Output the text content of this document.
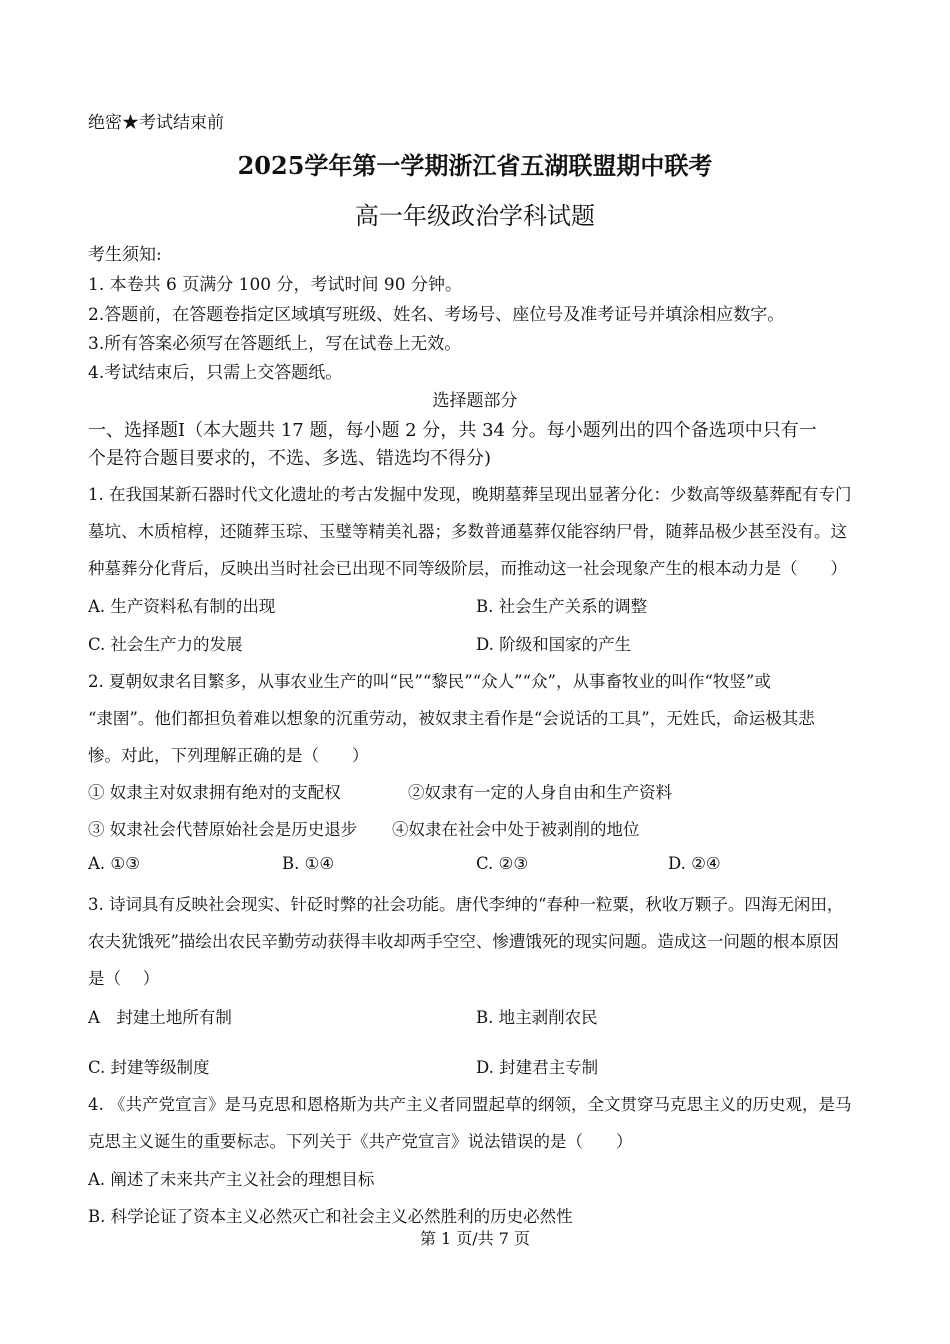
绝密★考试结束前
2025学年第一学期浙江省五湖联盟期中联考
高一年级政治学科试题
考生须知:
1. 本卷共 6 页满分 100 分，考试时间 90 分钟。
2.答题前，在答题卷指定区域填写班级、姓名、考场号、座位号及准考证号并填涂相应数字。
3.所有答案必须写在答题纸上，写在试卷上无效。
4.考试结束后，只需上交答题纸。
选择题部分
一、选择题Ⅰ（本大题共 17 题，每小题 2 分，共 34 分。每小题列出的四个备选项中只有一
个是符合题目要求的，不选、多选、错选均不得分)
1. 在我国某新石器时代文化遗址的考古发掘中发现，晚期墓葬呈现出显著分化：少数高等级墓葬配有专门
墓坑、木质棺椁，还随葬玉琮、玉璧等精美礼器；多数普通墓葬仅能容纳尸骨，随葬品极少甚至没有。这
种墓葬分化背后，反映出当时社会已出现不同等级阶层，而推动这一社会现象产生的根本动力是（　　）
A. 生产资料私有制的出现	B. 社会生产关系的调整
C. 社会生产力的发展	D. 阶级和国家的产生
2. 夏朝奴隶名目繁多，从事农业生产的叫“民”“黎民”“众人”“众”，从事畜牧业的叫作“牧竖”或
“隶圉”。他们都担负着难以想象的沉重劳动，被奴隶主看作是“会说话的工具”，无姓氏，命运极其悲
惨。对此，下列理解正确的是（　　）
① 奴隶主对奴隶拥有绝对的支配权	②奴隶有一定的人身自由和生产资料
③ 奴隶社会代替原始社会是历史退步 ④奴隶在社会中处于被剥削的地位
A. ①③	B. ①④	C. ②③	D. ②④
3. 诗词具有反映社会现实、针砭时弊的社会功能。唐代李绅的“春种一粒粟，秋收万颗子。四海无闲田，
农夫犹饿死”描绘出农民辛勤劳动获得丰收却两手空空、惨遭饿死的现实问题。造成这一问题的根本原因
是（　 ）
A　封建土地所有制	B. 地主剥削农民
C. 封建等级制度	D. 封建君主专制
4. 《共产党宣言》是马克思和恩格斯为共产主义者同盟起草的纲领，全文贯穿马克思主义的历史观，是马
克思主义诞生的重要标志。下列关于《共产党宣言》说法错误的是（　　）
A. 阐述了未来共产主义社会的理想目标
B. 科学论证了资本主义必然灭亡和社会主义必然胜利的历史必然性
第 1 页/共 7 页
